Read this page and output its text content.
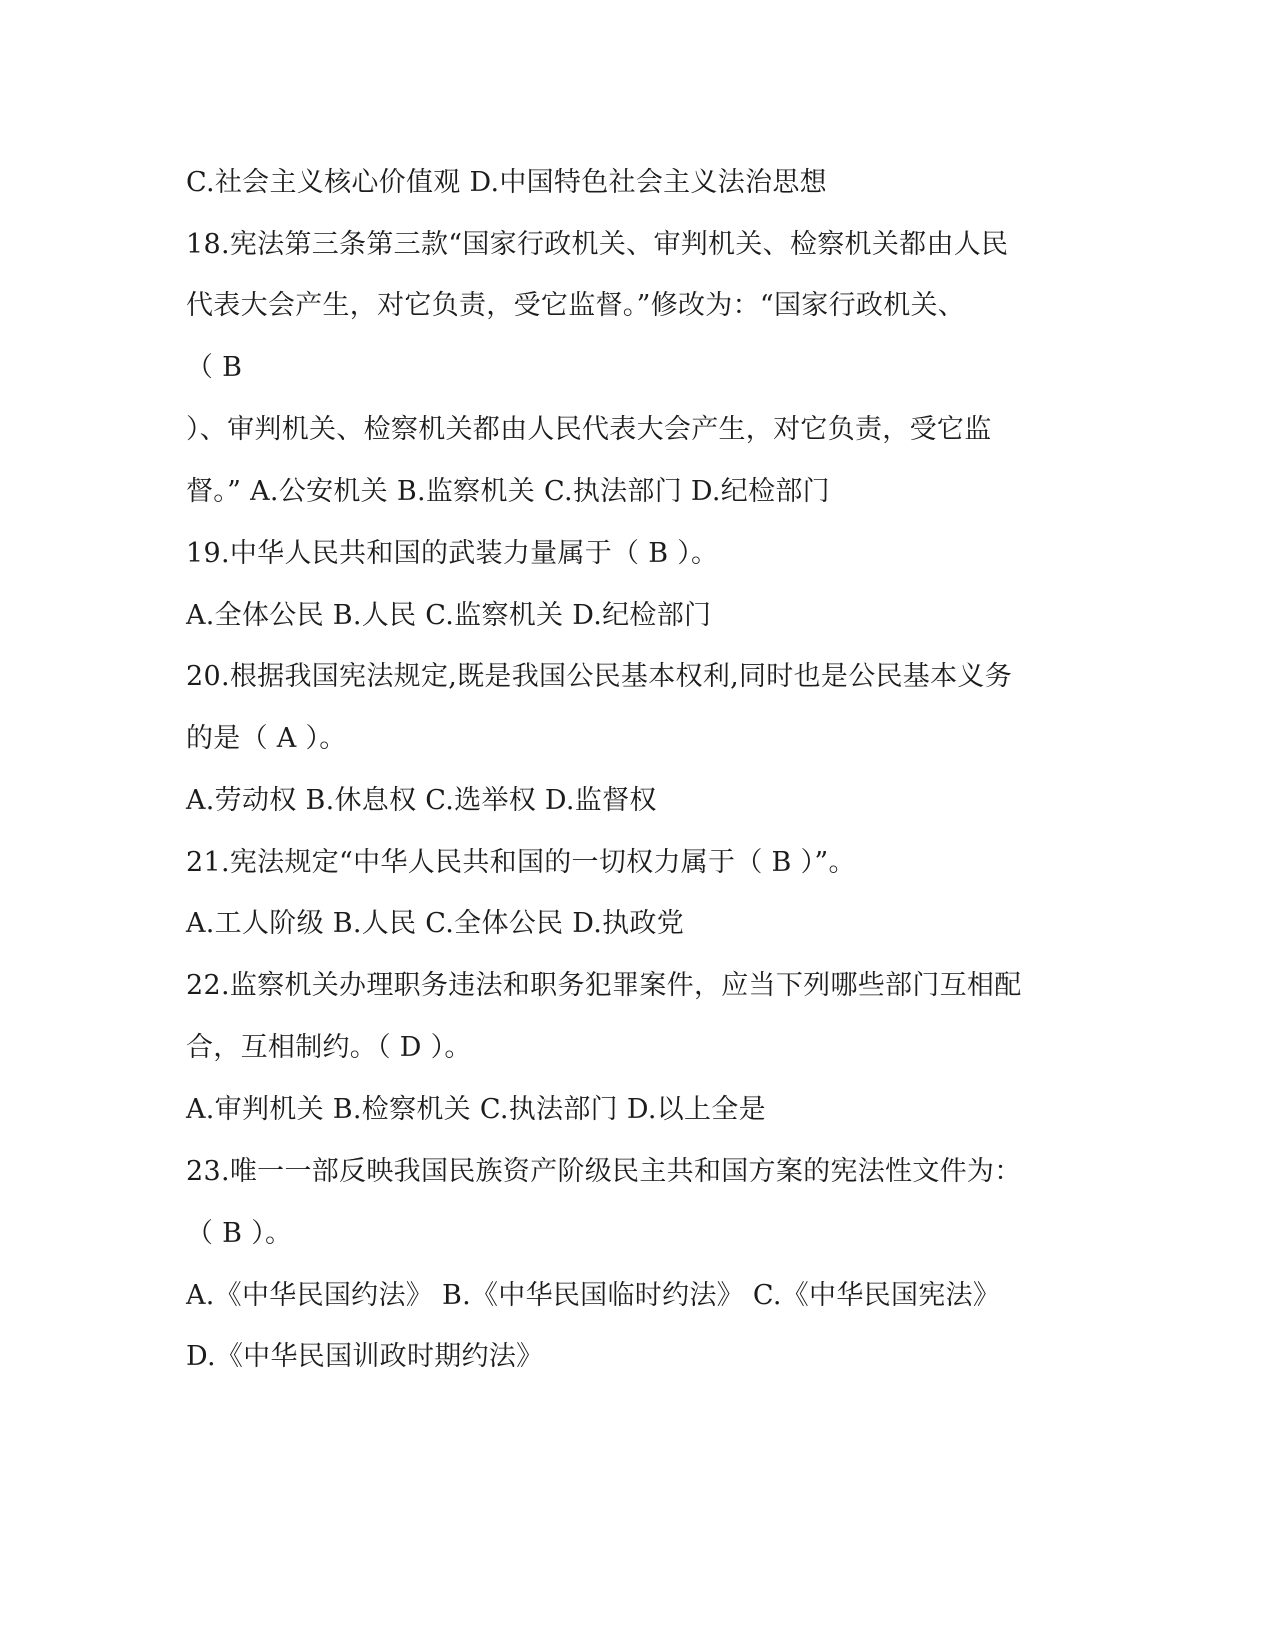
C.社会主义核心价值观 D.中国特色社会主义法治思想
18.宪法第三条第三款“国家行政机关、审判机关、检察机关都由人民
代表大会产生，对它负责，受它监督。”修改为：“国家行政机关、
（ B
）、审判机关、检察机关都由人民代表大会产生，对它负责，受它监
督。” A.公安机关 B.监察机关 C.执法部门 D.纪检部门
19.中华人民共和国的武装力量属于（ B ）。
A.全体公民 B.人民 C.监察机关 D.纪检部门
20.根据我国宪法规定,既是我国公民基本权利,同时也是公民基本义务
的是（ A ）。
A.劳动权 B.休息权 C.选举权 D.监督权
21.宪法规定“中华人民共和国的一切权力属于（ B ）”。
A.工人阶级 B.人民 C.全体公民 D.执政党
22.监察机关办理职务违法和职务犯罪案件，应当下列哪些部门互相配
合，互相制约。（ D ）。
A.审判机关 B.检察机关 C.执法部门 D.以上全是
23.唯一一部反映我国民族资产阶级民主共和国方案的宪法性文件为：
（ B ）。
A.《中华民国约法》 B.《中华民国临时约法》 C.《中华民国宪法》
D.《中华民国训政时期约法》
